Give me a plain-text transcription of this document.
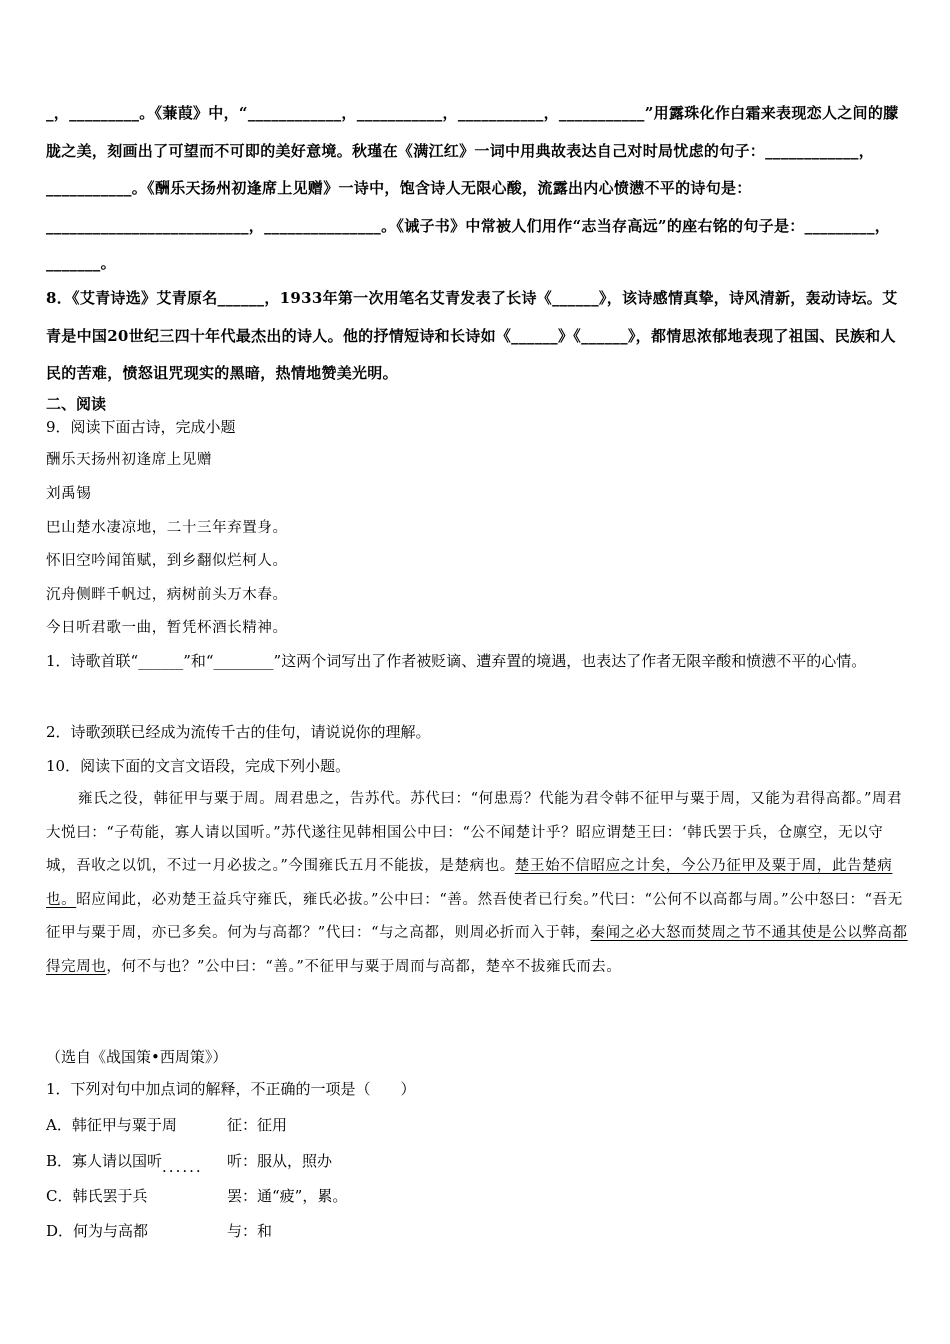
_，_________。《蒹葭》中，“____________，___________，___________，___________”用露珠化作白霜来表现恋人之间的朦胧之美，刻画出了可望而不可即的美好意境。秋瑾在《满江红》一词中用典故表达自己对时局忧虑的句子：____________，___________。《酬乐天扬州初逢席上见赠》一诗中，饱含诗人无限心酸，流露出内心愤懑不平的诗句是：__________________________，_______________。《诫子书》中常被人们用作“志当存高远”的座右铭的句子是：_________，_______。
8．《艾青诗选》艾青原名______，1933年第一次用笔名艾青发表了长诗《______》，该诗感情真挚，诗风清新，轰动诗坛。艾青是中国20世纪三四十年代最杰出的诗人。他的抒情短诗和长诗如《______》《______》，都情思浓郁地表现了祖国、民族和人民的苦难，愤怒诅咒现实的黑暗，热情地赞美光明。
二、阅读
9．阅读下面古诗，完成小题
酬乐天扬州初逢席上见赠
刘禹锡
巴山楚水凄凉地，二十三年弃置身。
怀旧空吟闻笛赋，到乡翻似烂柯人。
沉舟侧畔千帆过，病树前头万木春。
今日听君歌一曲，暂凭杯酒长精神。
1．诗歌首联“______”和“________”这两个词写出了作者被贬谪、遭弃置的境遇，也表达了作者无限辛酸和愤懑不平的心情。
2．诗歌颈联已经成为流传千古的佳句，请说说你的理解。
10．阅读下面的文言文语段，完成下列小题。
雍氏之役，韩征甲与粟于周。周君患之，告苏代。苏代曰：“何患焉？代能为君令韩不征甲与粟于周，又能为君得高都。”周君大悦曰：“子苟能，寡人请以国听。”苏代遂往见韩相国公中曰：“公不闻楚计乎？昭应谓楚王曰：‘韩氏罢于兵，仓廪空，无以守城，吾收之以饥，不过一月必拔之。”今围雍氏五月不能拔，是楚病也。楚王始不信昭应之计矣，今公乃征甲及粟于周，此告楚病也。昭应闻此，必劝楚王益兵守雍氏，雍氏必拔。”公中曰：“善。然吾使者已行矣。”代曰：“公何不以高都与周。”公中怒曰：“吾无征甲与粟于周，亦已多矣。何为与高都？”代曰：“与之高都，则周必折而入于韩，秦闻之必大怒而焚周之节不通其使是公以弊高都得完周也，何不与也？”公中曰：“善。”不征甲与粟于周而与高都，楚卒不拔雍氏而去。
（选自《战国策•西周策》）
1．下列对句中加点词的解释，不正确的一项是（　　）
A．韩征甲与粟于周	征：征用
B．寡人请以国听...... 听：服从，照办
C．韩氏罢于兵	罢：通“疲”，累。
D．何为与高都	与：和
